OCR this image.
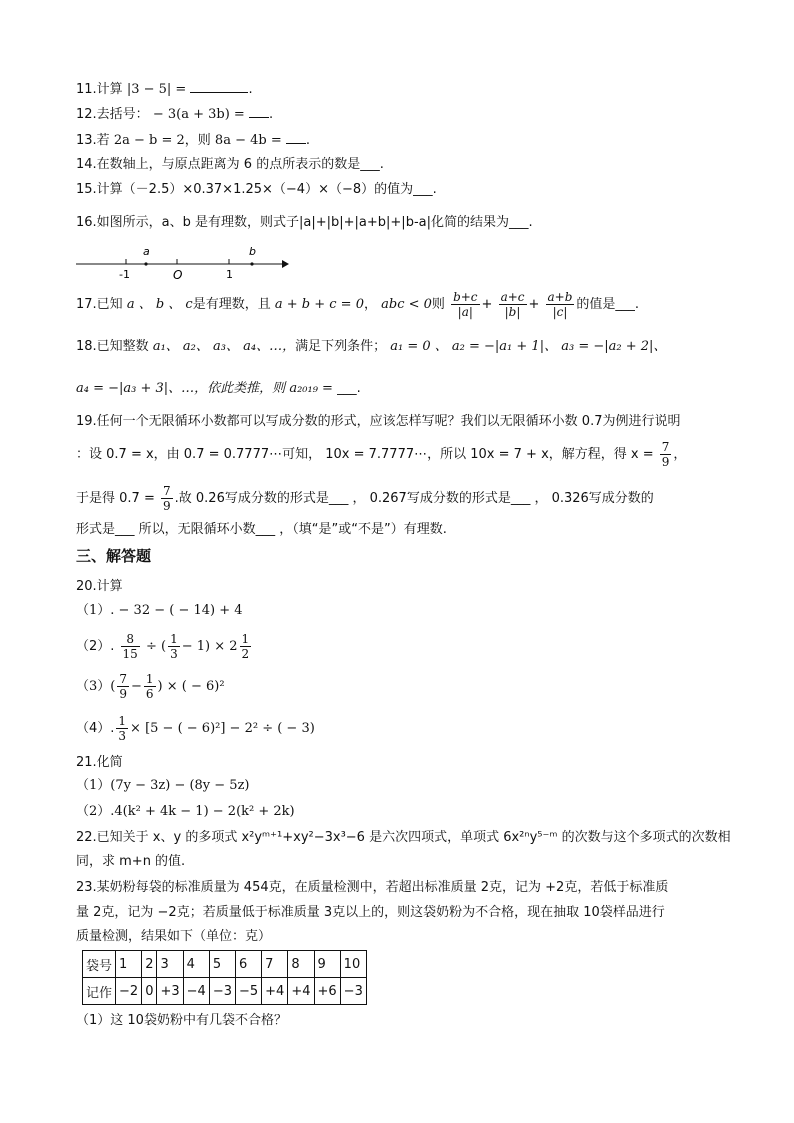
11.计算 |3 − 5| =	.
12.去括号： − 3(a + 3b) = .
13.若 2a − b = 2，则 8a − 4b = .
14.在数轴上，与原点距离为 6 的点所表示的数是___.
15.计算（－2.5）×0.37×1.25×（−4）×（−8）的值为___.
16.如图所示，a、b 是有理数，则式子|a|+|b|+|a+b|+|b-a|化简的结果为___.
a	b
-1	O	1
17.已知 a 、 b 、 c是有理数，且 a + b + c = 0， abc < 0则 $\frac{b+c}{|a|} + \frac{a+c}{|b|} + \frac{a+b}{|c|}$ 的值是___.
18.已知整数 a₁、 a₂、 a₃、 a₄、…，满足下列条件； a₁ = 0 、 a₂ = −|a₁ + 1|、 a₃ = −|a₂ + 2|、
a₄ = −|a₃ + 3|、…，依此类推，则 a₂₀₁₉ = ___.
19.任何一个无限循环小数都可以写成分数的形式，应该怎样写呢？我们以无限循环小数 0.7̇为例进行说明
：设 0.7̇ = x，由 0.7̇ = 0.7777⋯可知， 10x = 7.7777⋯，所以 10x = 7 + x，解方程，得 $x = \frac{7}{9}$ ，
于是得 0.7̇ = $\frac{7}{9}$ .故 0.2̇6̇写成分数的形式是___ ， 0.2̇6̇7̇写成分数的形式是___ ， 0.3̇26̇写成分数的
形式是___ 所以，无限循环小数___ ，（填“是”或“不是”）有理数.
三、解答题
20.计算
（1）. − 32 − ( − 14) + 4
（2）. $\frac{8}{15}$ ÷ ( $\frac{1}{3} - 1) \times 2 \frac{1}{2}$
$(3)( \frac{7}{9} - \frac{1}{6}$ ) × ( − 6)²
（4）. $\frac{1}{3} \times [5$ − ( − 6)²] − 2² ÷ ( − 3)
21.化简
（1）(7y − 3z) − (8y − 5z)
（2）.4(k² + 4k − 1) − 2(k² + 2k)
22.已知关于 x、y 的多项式 x²yᵐ⁺¹+xy²−3x³−6 是六次四项式，单项式 6x²ⁿy⁵⁻ᵐ 的次数与这个多项式的次数相
同，求 m+n 的值.
23.某奶粉每袋的标准质量为 454克，在质量检测中，若超出标准质量 2克，记为 +2克，若低于标准质
量 2克，记为 −2克；若质量低于标准质量 3克以上的，则这袋奶粉为不合格，现在抽取 10袋样品进行
质量检测，结果如下（单位：克）
袋号	1	2	3	4	5	6	7	8	9	10
记作	−2	0	+3	−4	−3	−5	+4	+4	+6	−3
（1）这 10袋奶粉中有几袋不合格？
